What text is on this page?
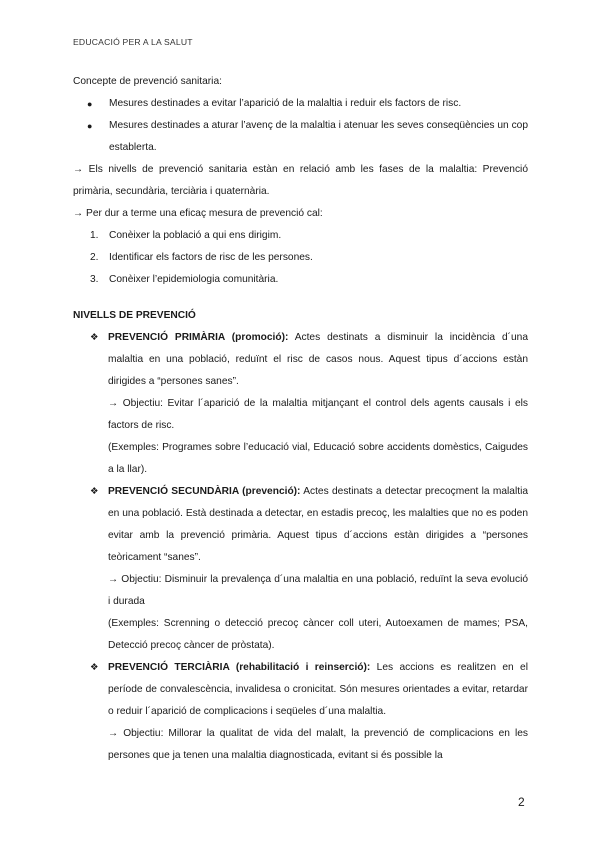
EDUCACIÓ PER A LA SALUT

Concepte de prevenció sanitaria:

● Mesures destinades a evitar l’aparició de la malaltia i reduir els factors de risc.
● Mesures destinades a aturar l’avenç de la malaltia i atenuar les seves conseqüències un cop establerta.

→ Els nivells de prevenció sanitaria estàn en relació amb les fases de la malaltia: Prevenció primària, secundària, terciària i quaternària.

→ Per dur a terme una eficaç mesura de prevenció cal:

1. Conèixer la població a qui ens dirigim.
2. Identificar els factors de risc de les persones.
3. Conèixer l’epidemiologia comunitària.

NIVELLS DE PREVENCIÓ

❖ PREVENCIÓ PRIMÀRIA (promoció): Actes destinats a disminuir la incidència d´una malaltia en una població, reduïnt el risc de casos nous. Aquest tipus d´accions estàn dirigides a “persones sanes”.

→ Objectiu: Evitar l´aparició de la malaltia mitjançant el control dels agents causals i els factors de risc.

(Exemples: Programes sobre l’educació vial, Educació sobre accidents domèstics, Caigudes a la llar).

❖ PREVENCIÓ SECUNDÀRIA (prevenció): Actes destinats a detectar precoçment la malaltia en una població. Està destinada a detectar, en estadis precoç, les malalties que no es poden evitar amb la prevenció primària. Aquest tipus d´accions estàn dirigides a “persones teòricament “sanes”.

→ Objectiu: Disminuir la prevalença d´una malaltia en una població, reduïnt la seva evolució i durada

(Exemples: Screnning o detecció precoç càncer coll uteri, Autoexamen de mames; PSA, Detecció precoç càncer de pròstata).

❖ PREVENCIÓ TERCIÀRIA (rehabilitació i reinserció): Les accions es realitzen en el període de convalescència, invalidesa o cronicitat. Són mesures orientades a evitar, retardar o reduir l´aparició de complicacions i seqüeles d´una malaltia.

→ Objectiu: Millorar la qualitat de vida del malalt, la prevenció de complicacions en les persones que ja tenen una malaltia diagnosticada, evitant si és possible la

2
